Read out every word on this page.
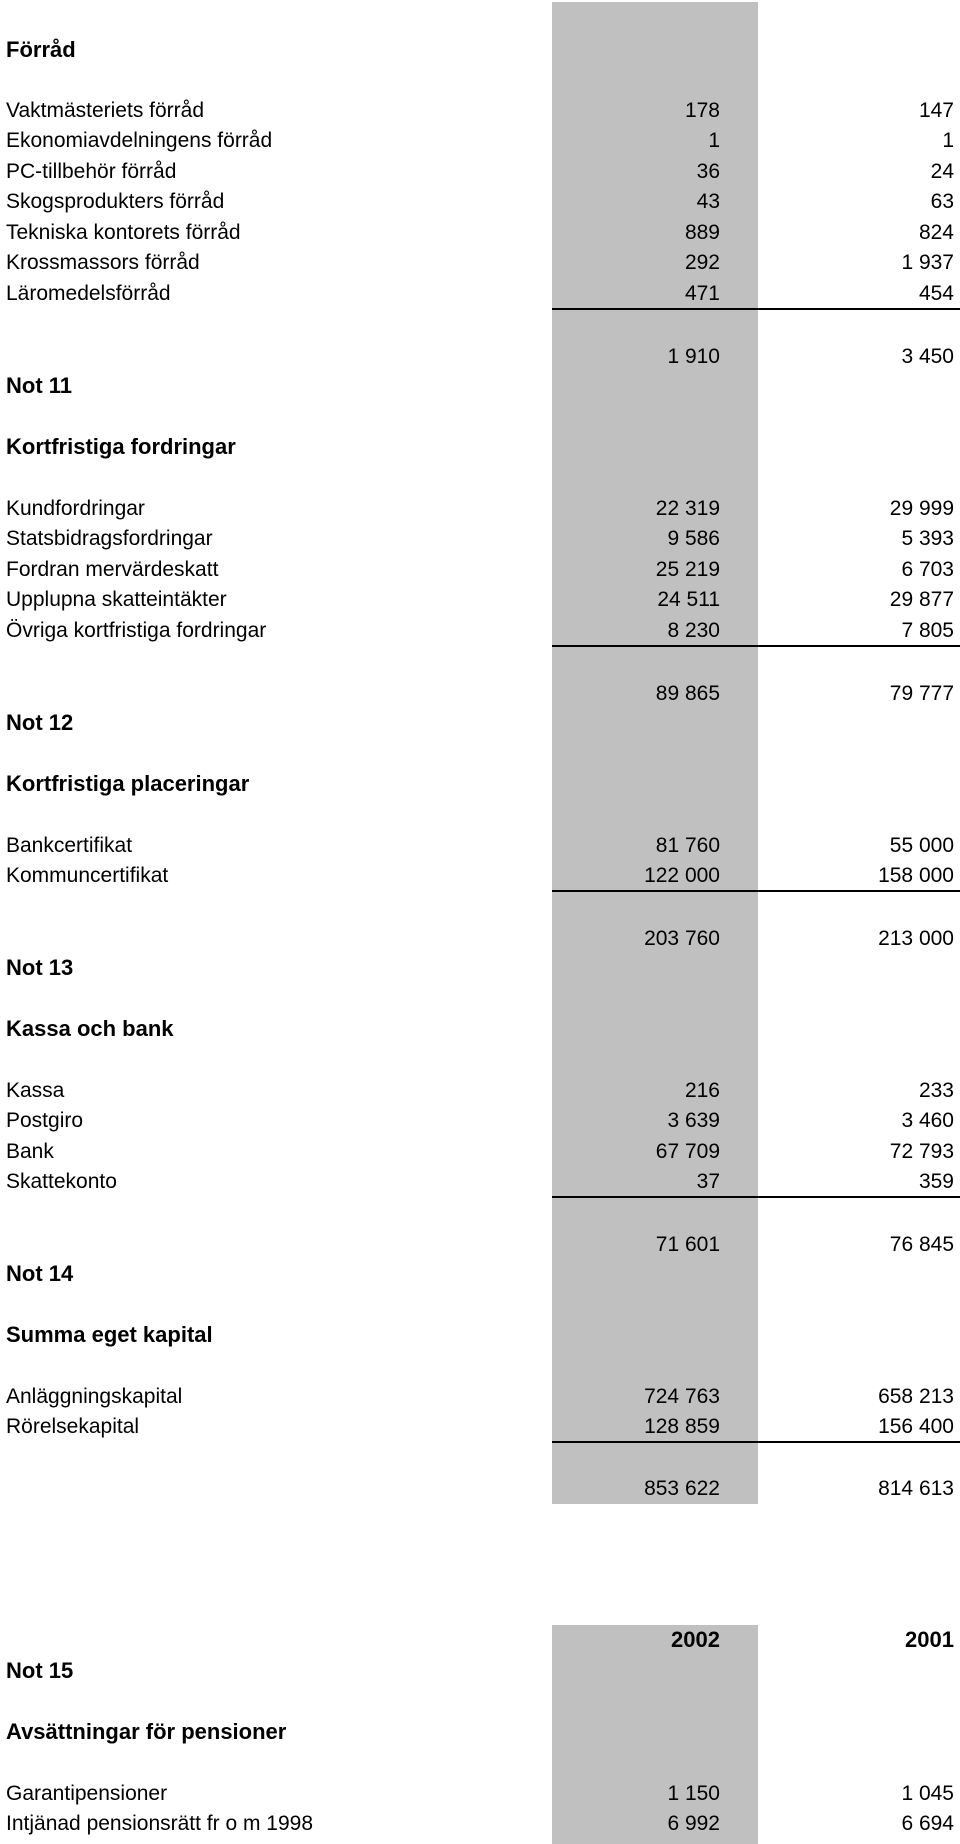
Förråd
Vaktmästeriets förråd	178	147
Ekonomiavdelningens förråd	1	1
PC-tillbehör förråd	36	24
Skogsprodukters förråd	43	63
Tekniska kontorets förråd	889	824
Krossmassors förråd	292	1 937
Läromedelsförråd	471	454
1 910	3 450
Not 11
Kortfristiga fordringar
Kundfordringar	22 319	29 999
Statsbidragsfordringar	9 586	5 393
Fordran mervärdeskatt	25 219	6 703
Upplupna skatteintäkter	24 511	29 877
Övriga kortfristiga fordringar	8 230	7 805
89 865	79 777
Not 12
Kortfristiga placeringar
Bankcertifikat	81 760	55 000
Kommuncertifikat	122 000	158 000
203 760	213 000
Not 13
Kassa och bank
Kassa	216	233
Postgiro	3 639	3 460
Bank	67 709	72 793
Skattekonto	37	359
71 601	76 845
Not 14
Summa eget kapital
Anläggningskapital	724 763	658 213
Rörelsekapital	128 859	156 400
853 622	814 613
2002	2001
Not 15
Avsättningar för pensioner
Garantipensioner	1 150	1 045
Intjänad pensionsrätt fr o m 1998	6 992	6 694
